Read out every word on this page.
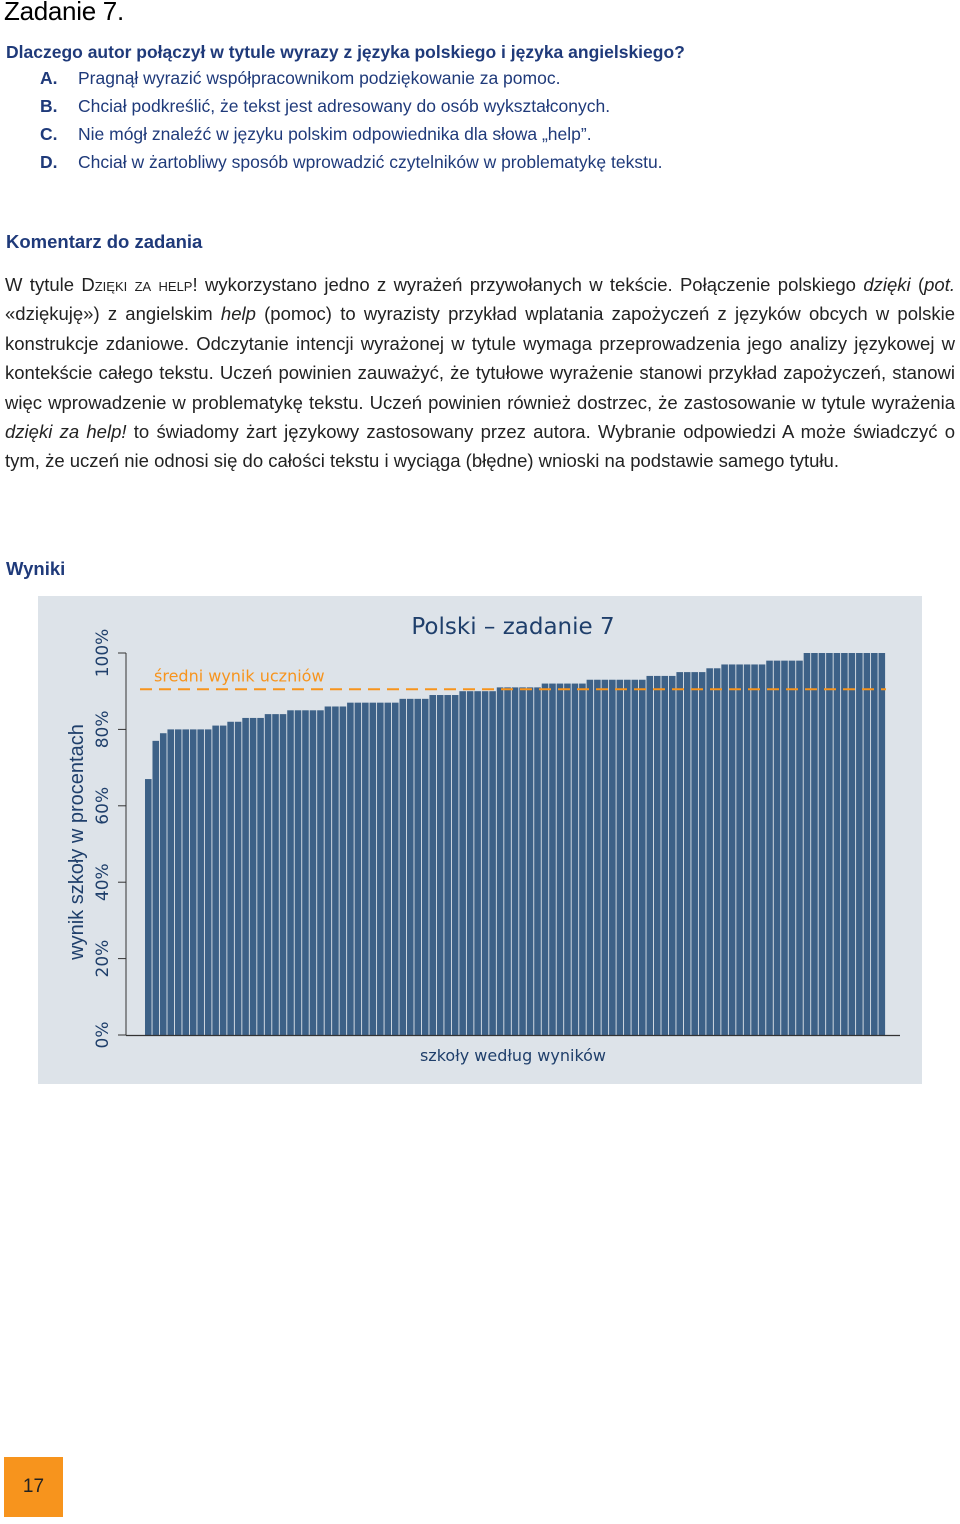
Zadanie 7.
Dlaczego autor połączył w tytule wyrazy z języka polskiego i języka angielskiego?
A. Pragnął wyrazić współpracownikom podziękowanie za pomoc.
B. Chciał podkreślić, że tekst jest adresowany do osób wykształconych.
C. Nie mógł znaleźć w języku polskim odpowiednika dla słowa „help”.
D. Chciał w żartobliwy sposób wprowadzić czytelników w problematykę tekstu.
Komentarz do zadania

W tytule Dzięki za help! wykorzystano jedno z wyrażeń przywołanych w tekście. Połączenie polskiego dzięki (pot. «dziękuję») z angielskim help (pomoc) to wyrazisty przykład wplatania zapożyczeń z języków obcych w polskie konstrukcje zdaniowe. Odczytanie intencji wyrażonej w tytule wymaga przeprowadzenia jego analizy językowej w kontekście całego tekstu. Uczeń powinien zauważyć, że tytułowe wyrażenie stanowi przykład zapożyczeń, stanowi więc wprowadzenie w problematykę tekstu. Uczeń powinien również dostrzec, że zastosowanie w tytule wyrażenia dzięki za help! to świadomy żart językowy zastosowany przez autora. Wybranie odpowiedzi A może świadczyć o tym, że uczeń nie odnosi się do całości tekstu i wyciąga (błędne) wnioski na podstawie samego tytułu.

Wyniki
Polski – zadanie 7
wynik szkoły w procentach
szkoły według wyników
0%
20%
40%
60%
80%
100%	średni wynik uczniów
17
